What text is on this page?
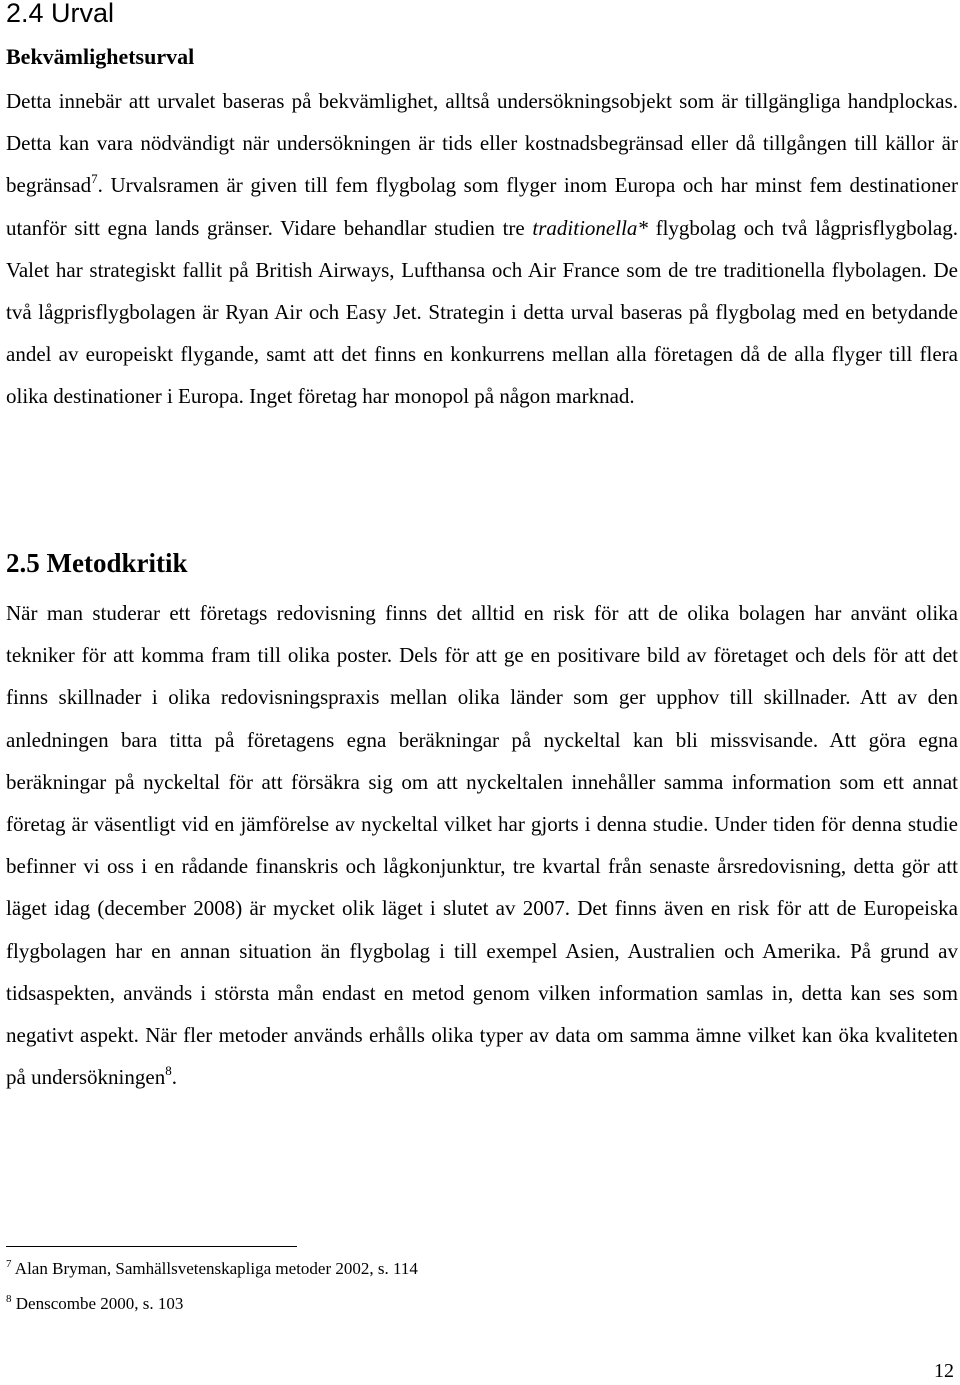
2.4 Urval
Bekvämlighetsurval

Detta innebär att urvalet baseras på bekvämlighet, alltså undersökningsobjekt som är tillgängliga handplockas. Detta kan vara nödvändigt när undersökningen är tids eller kostnadsbegränsad eller då tillgången till källor är begränsad$^7$. Urvalsramen är given till fem flygbolag som flyger inom Europa och har minst fem destinationer utanför sitt egna lands gränser. Vidare behandlar studien tre traditionella* flygbolag och två lågprisflygbolag. Valet har strategiskt fallit på British Airways, Lufthansa och Air France som de tre traditionella flybolagen. De två lågprisflygbolagen är Ryan Air och Easy Jet. Strategin i detta urval baseras på flygbolag med en betydande andel av europeiskt flygande, samt att det finns en konkurrens mellan alla företagen då de alla flyger till flera olika destinationer i Europa. Inget företag har monopol på någon marknad.

2.5 Metodkritik

När man studerar ett företags redovisning finns det alltid en risk för att de olika bolagen har använt olika tekniker för att komma fram till olika poster. Dels för att ge en positivare bild av företaget och dels för att det finns skillnader i olika redovisningspraxis mellan olika länder som ger upphov till skillnader. Att av den anledningen bara titta på företagens egna beräkningar på nyckeltal kan bli missvisande. Att göra egna beräkningar på nyckeltal för att försäkra sig om att nyckeltalen innehåller samma information som ett annat företag är väsentligt vid en jämförelse av nyckeltal vilket har gjorts i denna studie. Under tiden för denna studie befinner vi oss i en rådande finanskris och lågkonjunktur, tre kvartal från senaste årsredovisning, detta gör att läget idag (december 2008) är mycket olik läget i slutet av 2007. Det finns även en risk för att de Europeiska flygbolagen har en annan situation än flygbolag i till exempel Asien, Australien och Amerika. På grund av tidsaspekten, används i största mån endast en metod genom vilken information samlas in, detta kan ses som negativt aspekt. När fler metoder används erhålls olika typer av data om samma ämne vilket kan öka kvaliteten på undersökningen$^8$.

$^7$ Alan Bryman, Samhällsvetenskapliga metoder 2002, s. 114
$^8$ Denscombe 2000, s. 103
12
